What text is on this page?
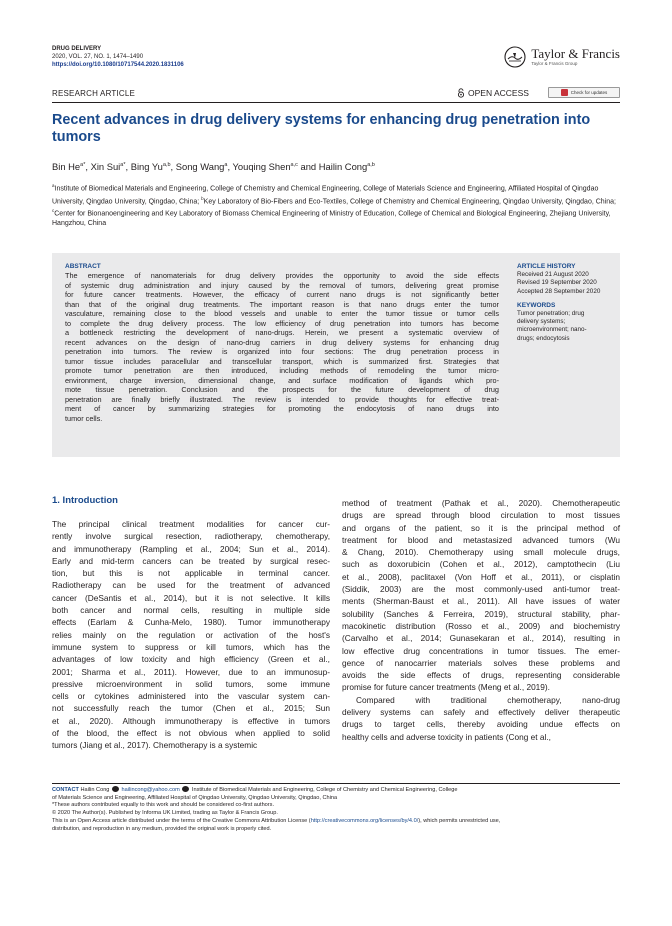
DRUG DELIVERY
2020, VOL. 27, NO. 1, 1474–1490
https://doi.org/10.1080/10717544.2020.1831106
Taylor & Francis
Taylor & Francis Group
RESEARCH ARTICLE	OPEN ACCESS	Check for updates
Recent advances in drug delivery systems for enhancing drug penetration into tumors
Bin $He^{a*}$, Xin Sui$^{a*}$, Bing Yu$^{a,b}$, Song Wang$^a$, Youqing Shen$^{a,c}$ and Hailin Cong$^{a,b}$
$^a$Institute of Biomedical Materials and Engineering, College of Chemistry and Chemical Engineering, College of Materials Science and Engineering, Affiliated Hospital of Qingdao University, Qingdao University, Qingdao, China; $^b$Key Laboratory of Bio-Fibers and Eco-Textiles, College of Chemistry and Chemical Engineering, Qingdao University, Qingdao, China; $^c$Center for Bionanoengineering and Key Laboratory of Biomass Chemical Engineering of Ministry of Education, College of Chemical and Biological Engineering, Zhejiang University, Hangzhou, China
ABSTRACT
The emergence of nanomaterials for drug delivery provides the opportunity to avoid the side effects
of systemic drug administration and injury caused by the removal of tumors, delivering great promise
for future cancer treatments. However, the efficacy of current nano drugs is not significantly better
than that of the original drug treatments. The important reason is that nano drugs enter the tumor
vasculature, remaining close to the blood vessels and unable to enter the tumor tissue or tumor cells
to complete the drug delivery process. The low efficiency of drug penetration into tumors has become
a bottleneck restricting the development of nano-drugs. Herein, we present a systematic overview of
recent advances on the design of nano-drug carriers in drug delivery systems for enhancing drug
penetration into tumors. The review is organized into four sections: The drug penetration process in
tumor tissue includes paracellular and transcellular transport, which is summarized first. Strategies that
promote tumor penetration are then introduced, including methods of remodeling the tumor micro-
environment, charge inversion, dimensional change, and surface modification of ligands which pro-
mote tissue penetration. Conclusion and the prospects for the future development of drug
penetration are finally briefly illustrated. The review is intended to provide thoughts for effective treat-
ment of cancer by summarizing strategies for promoting the endocytosis of nano drugs into
tumor cells.
ARTICLE HISTORY
Received 21 August 2020
Revised 19 September 2020
Accepted 28 September 2020
KEYWORDS
Tumor penetration; drug
delivery systems;
microenvironment; nano-
drugs; endocytosis
1. Introduction
The principal clinical treatment modalities for cancer cur-
rently involve surgical resection, radiotherapy, chemotherapy,
and immunotherapy (Rampling et al., 2004; Sun et al., 2014).
Early and mid-term cancers can be treated by surgical resec-
tion, but this is not applicable in terminal cancer.
Radiotherapy can be used for the treatment of advanced
cancer (DeSantis et al., 2014), but it is not selective. It kills
both cancer and normal cells, resulting in multiple side
effects (Earlam & Cunha-Melo, 1980). Tumor immunotherapy
relies mainly on the regulation or activation of the host's
immune system to suppress or kill tumors, which has the
advantages of low toxicity and high efficiency (Green et al.,
2001; Sharma et al., 2011). However, due to an immunosup-
pressive microenvironment in solid tumors, some immune
cells or cytokines administered into the vascular system can-
not successfully reach the tumor (Chen et al., 2015; Sun
et al., 2020). Although immunotherapy is effective in tumors
of the blood, the effect is not obvious when applied to solid
tumors (Jiang et al., 2017). Chemotherapy is a systemic
method of treatment (Pathak et al., 2020). Chemotherapeutic
drugs are spread through blood circulation to most tissues
and organs of the patient, so it is the principal method of
treatment for blood and metastasized advanced tumors (Wu
& Chang, 2010). Chemotherapy using small molecule drugs,
such as doxorubicin (Cohen et al., 2012), camptothecin (Liu
et al., 2008), paclitaxel (Von Hoff et al., 2011), or cisplatin
(Siddik, 2003) are the most commonly-used anti-tumor treat-
ments (Sherman-Baust et al., 2011). All have issues of water
solubility (Sanches & Ferreira, 2019), structural stability, phar-
macokinetic distribution (Rosso et al., 2009) and biochemistry
(Carvalho et al., 2014; Gunasekaran et al., 2014), resulting in
low effective drug concentrations in tumor tissues. The emer-
gence of nanocarrier materials solves these problems and
avoids the side effects of drugs, representing considerable
promise for future cancer treatments (Meng et al., 2019).
Compared with traditional chemotherapy, nano-drug
delivery systems can safely and effectively deliver therapeutic
drugs to target cells, thereby avoiding undue effects on
healthy cells and adverse toxicity in patients (Cong et al.,
CONTACT Hailin Cong hailincong@yahoo.com Institute of Biomedical Materials and Engineering, College of Chemistry and Chemical Engineering, College
of Materials Science and Engineering, Affiliated Hospital of Qingdao University, Qingdao University, Qingdao, China
*These authors contributed equally to this work and should be considered co-first authors.
© 2020 The Author(s). Published by Informa UK Limited, trading as Taylor & Francis Group.
This is an Open Access article distributed under the terms of the Creative Commons Attribution License (http://creativecommons.org/licenses/by/4.0/), which permits unrestricted use,
distribution, and reproduction in any medium, provided the original work is properly cited.
